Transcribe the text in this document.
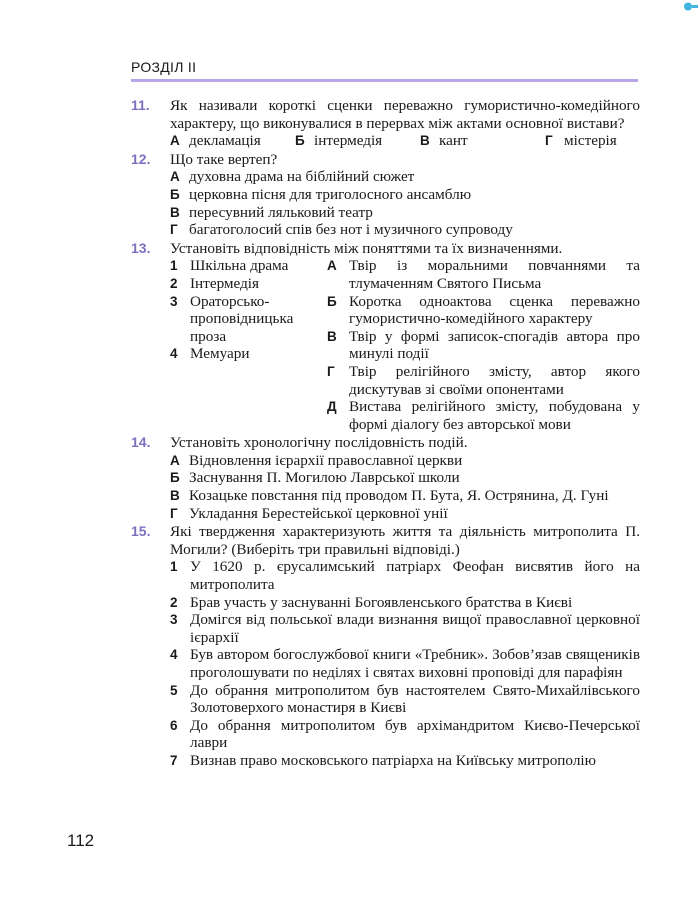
РОЗДІЛ II
11. Як називали короткі сценки переважно гумористично-комедійного характеру, що виконувалися в перервах між актами основної вистави?
А декламація	Б інтермедія	В кант	Г містерія
12. Що таке вертеп?
А духовна драма на біблійний сюжет
Б церковна пісня для триголосного ансамблю
В пересувний ляльковий театр
Г багатоголосий спів без нот і музичного супроводу
13. Установіть відповідність між поняттями та їх визначеннями.
1 Шкільна драма
2 Інтермедія
3 Ораторсько-проповідницька проза
4 Мемуари
А Твір із моральними повчаннями та тлумаченням Святого Письма
Б Коротка одноактова сценка переважно гумористично-комедійного характеру
В Твір у формі записок-спогадів автора про минулі події
Г Твір релігійного змісту, автор якого дискутував зі своїми опонентами
Д Вистава релігійного змісту, побудована у формі діалогу без авторської мови
14. Установіть хронологічну послідовність подій.
А Відновлення ієрархії православної церкви
Б Заснування П. Могилою Лаврської школи
В Козацьке повстання під проводом П. Бута, Я. Острянина, Д. Гуні
Г Укладання Берестейської церковної унії
15. Які твердження характеризують життя та діяльність митрополита П. Могили? (Виберіть три правильні відповіді.)
1 У 1620 р. єрусалимський патріарх Феофан висвятив його на митрополита
2 Брав участь у заснуванні Богоявленського братства в Києві
3 Домігся від польської влади визнання вищої православної церковної ієрархії
4 Був автором богослужбової книги «Требник». Зобов’язав священиків проголошувати по неділях і святах виховні проповіді для парафіян
5 До обрання митрополитом був настоятелем Свято-Михайлівського Золотоверхого монастиря в Києві
6 До обрання митрополитом був архімандритом Києво-Печерської лаври
7 Визнав право московського патріарха на Київську митрополію
112
